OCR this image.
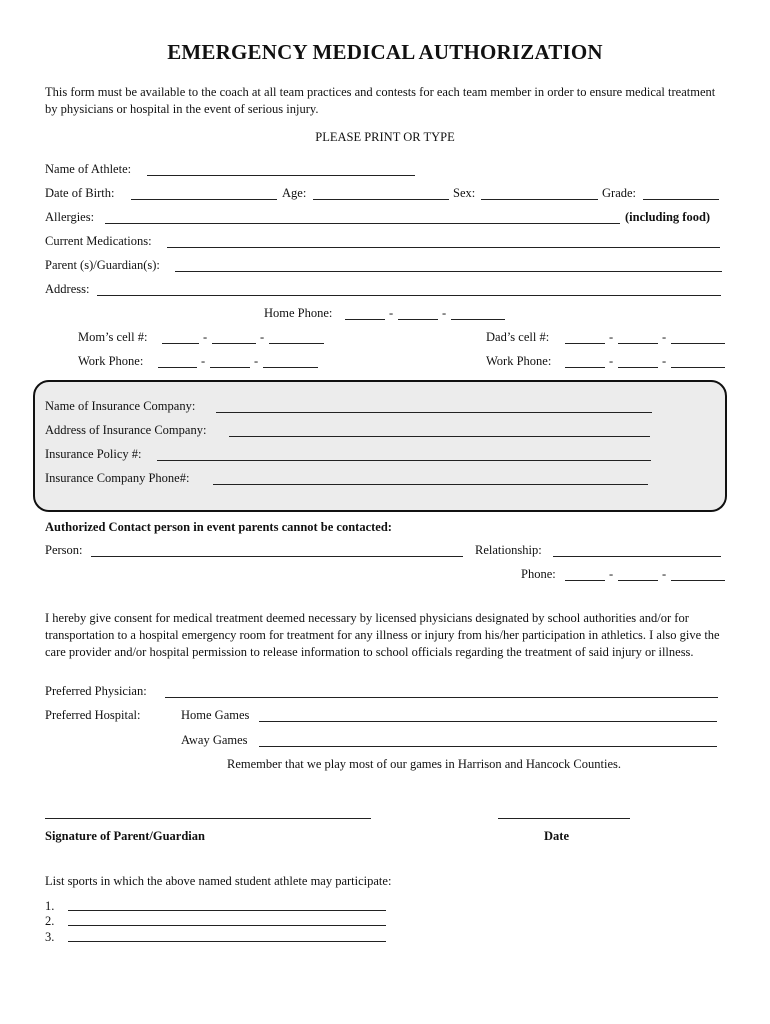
EMERGENCY MEDICAL AUTHORIZATION
This form must be available to the coach at all team practices and contests for each team member in order to ensure medical treatment by physicians or hospital in the event of serious injury.
PLEASE PRINT OR TYPE
Name of Athlete:
Date of Birth:	Age:	Sex:	Grade:
Allergies:	(including food)
Current Medications:
Parent (s)/Guardian(s):
Address:
Home Phone:	-	-
Mom’s cell #:	-	-	Dad’s cell #:	-	-
Work Phone:	-	-	Work Phone:	-	-
Name of Insurance Company:
Address of Insurance Company:
Insurance Policy #:
Insurance Company Phone#:
Authorized Contact person in event parents cannot be contacted:
Person:	Relationship:
Phone:	-	-
I hereby give consent for medical treatment deemed necessary by licensed physicians designated by school authorities and/or for transportation to a hospital emergency room for treatment for any illness or injury from his/her participation in athletics. I also give the care provider and/or hospital permission to release information to school officials regarding the treatment of said injury or illness.
Preferred Physician:
Preferred Hospital:	Home Games
Away Games
Remember that we play most of our games in Harrison and Hancock Counties.
Signature of Parent/Guardian	Date
List sports in which the above named student athlete may participate:
1.
2.
3.
